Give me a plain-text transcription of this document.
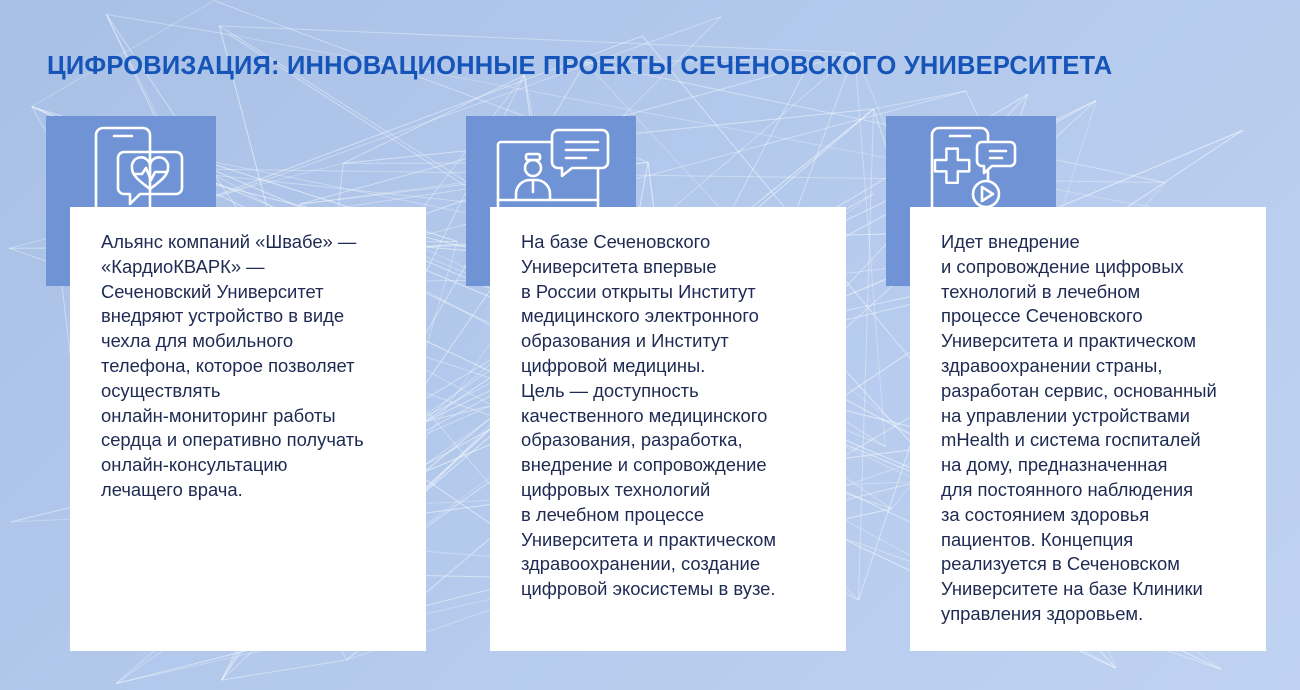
ЦИФРОВИЗАЦИЯ: ИННОВАЦИОННЫЕ ПРОЕКТЫ СЕЧЕНОВСКОГО УНИВЕРСИТЕТА

Альянс компаний «Швабе» —
«КардиоКВАРК» —
Сеченовский Университет
внедряют устройство в виде
чехла для мобильного
телефона, которое позволяет
осуществлять
онлайн-мониторинг работы
сердца и оперативно получать
онлайн-консультацию
лечащего врача.

На базе Сеченовского
Университета впервые
в России открыты Институт
медицинского электронного
образования и Институт
цифровой медицины.
Цель — доступность
качественного медицинского
образования, разработка,
внедрение и сопровождение
цифровых технологий
в лечебном процессе
Университета и практическом
здравоохранении, создание
цифровой экосистемы в вузе.

Идет внедрение
и сопровождение цифровых
технологий в лечебном
процессе Сеченовского
Университета и практическом
здравоохранении страны,
разработан сервис, основанный
на управлении устройствами
mHealth и система госпиталей
на дому, предназначенная
для постоянного наблюдения
за состоянием здоровья
пациентов. Концепция
реализуется в Сеченовском
Университете на базе Клиники
управления здоровьем.
